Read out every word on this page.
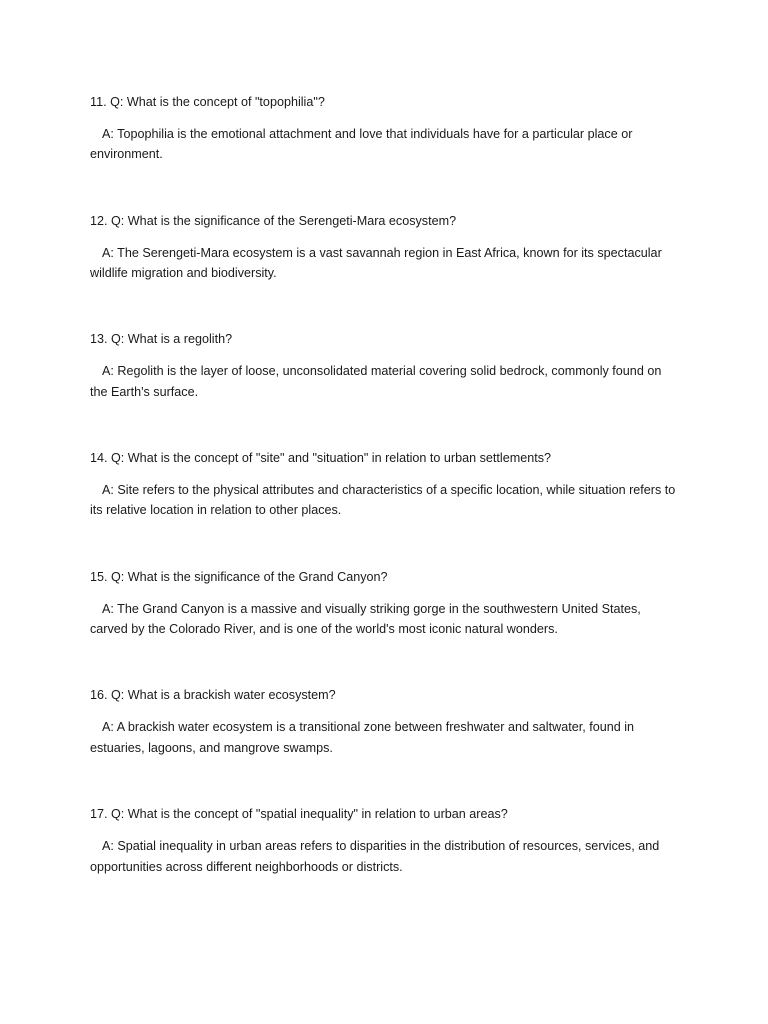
11. Q: What is the concept of "topophilia"?

A: Topophilia is the emotional attachment and love that individuals have for a particular place or environment.

12. Q: What is the significance of the Serengeti-Mara ecosystem?

A: The Serengeti-Mara ecosystem is a vast savannah region in East Africa, known for its spectacular wildlife migration and biodiversity.

13. Q: What is a regolith?

A: Regolith is the layer of loose, unconsolidated material covering solid bedrock, commonly found on the Earth's surface.

14. Q: What is the concept of "site" and "situation" in relation to urban settlements?

A: Site refers to the physical attributes and characteristics of a specific location, while situation refers to its relative location in relation to other places.

15. Q: What is the significance of the Grand Canyon?

A: The Grand Canyon is a massive and visually striking gorge in the southwestern United States, carved by the Colorado River, and is one of the world's most iconic natural wonders.

16. Q: What is a brackish water ecosystem?

A: A brackish water ecosystem is a transitional zone between freshwater and saltwater, found in estuaries, lagoons, and mangrove swamps.

17. Q: What is the concept of "spatial inequality" in relation to urban areas?

A: Spatial inequality in urban areas refers to disparities in the distribution of resources, services, and opportunities across different neighborhoods or districts.
